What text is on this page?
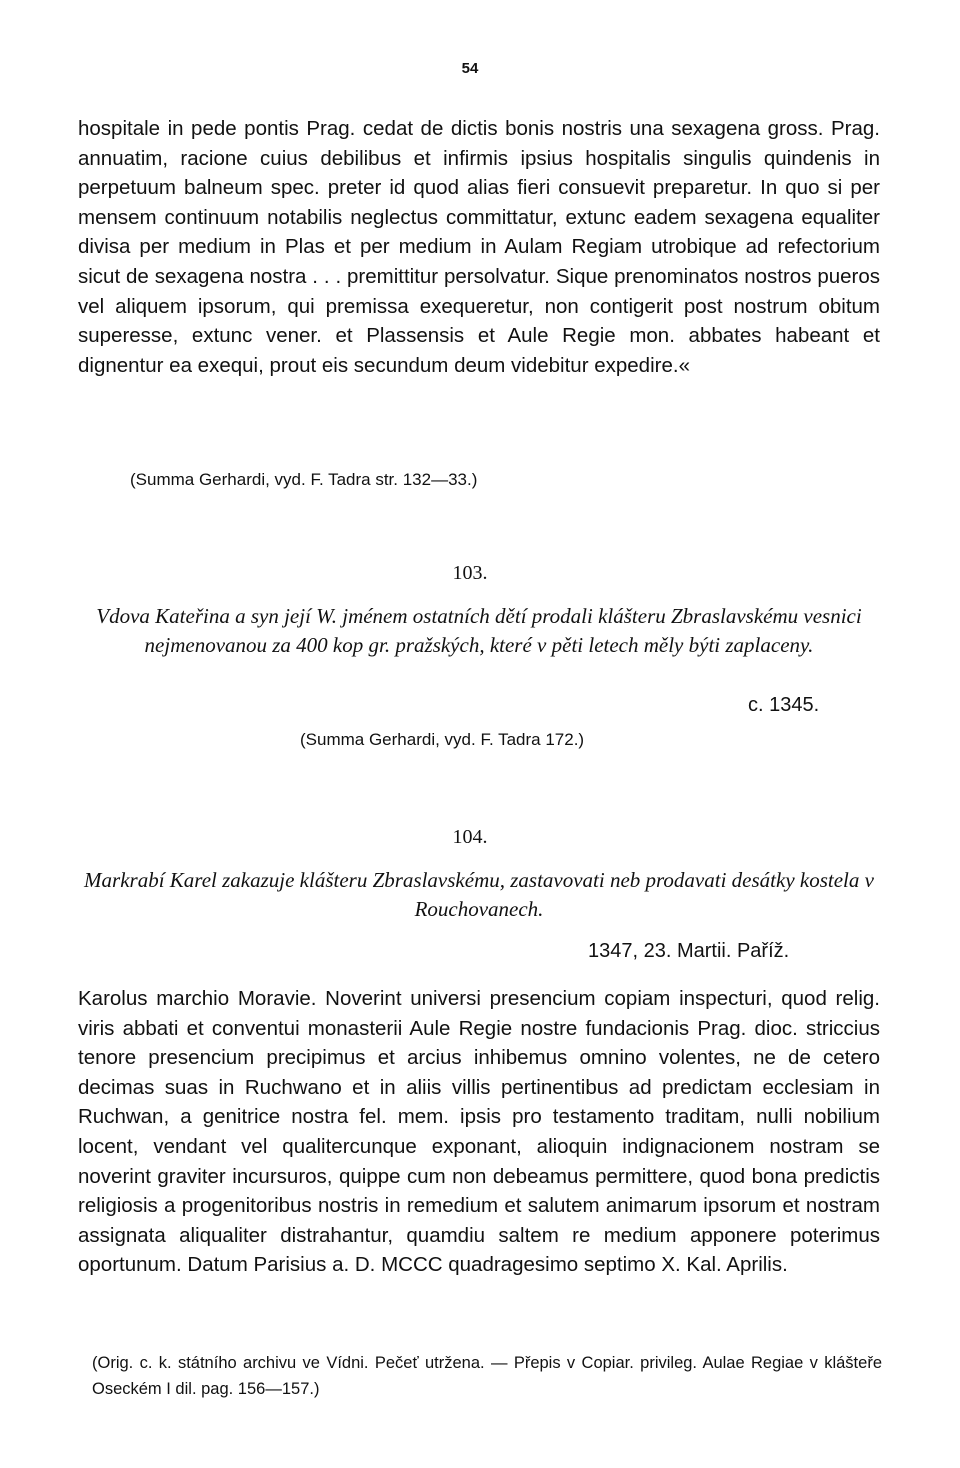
54

hospitale in pede pontis Prag. cedat de dictis bonis nostris una sexagena gross. Prag. annuatim, racione cuius debilibus et infirmis ipsius hospitalis singulis quindenis in perpetuum balneum spec. preter id quod alias fieri consuevit preparetur. In quo si per mensem continuum notabilis neglectus committatur, extunc eadem sexagena equaliter divisa per medium in Plas et per medium in Aulam Regiam utrobique ad refectorium sicut de sexagena nostra . . . premittitur persolvatur. Sique prenominatos nostros pueros vel aliquem ipsorum, qui premissa exequeretur, non contigerit post nostrum obitum superesse, extunc vener. et Plassensis et Aule Regie mon. abbates habeant et dignentur ea exequi, prout eis secundum deum videbitur expedire.«

(Summa Gerhardi, vyd. F. Tadra str. 132—33.)

103.

Vdova Kateřina a syn její W. jménem ostatních dětí prodali klášteru Zbraslavskému vesnici nejmenovanou za 400 kop gr. pražských, které v pěti letech měly býti zaplaceny.

c. 1345.

(Summa Gerhardi, vyd. F. Tadra 172.)

104.

Markrabí Karel zakazuje klášteru Zbraslavskému, zastavovati neb prodavati desátky kostela v Rouchovanech.

1347, 23. Martii. Paříž.

Karolus marchio Moravie. Noverint universi presencium copiam inspecturi, quod relig. viris abbati et conventui monasterii Aule Regie nostre fundacionis Prag. dioc. striccius tenore presencium precipimus et arcius inhibemus omnino volentes, ne de cetero decimas suas in Ruchwano et in aliis villis pertinentibus ad predictam ecclesiam in Ruchwan, a genitrice nostra fel. mem. ipsis pro testamento traditam, nulli nobilium locent, vendant vel qualitercunque exponant, alioquin indignacionem nostram se noverint graviter incursuros, quippe cum non debeamus permittere, quod bona predictis religiosis a progenitoribus nostris in remedium et salutem animarum ipsorum et nostram assignata aliqualiter distrahantur, quamdiu saltem re medium apponere poterimus oportunum. Datum Parisius a. D. MCCC quadragesimo septimo X. Kal. Aprilis.

(Orig. c. k. státního archivu ve Vídni. Pečeť utržena. — Přepis v Copiar. privileg. Aulae Regiae v klášteře Oseckém I dil. pag. 156—157.)
